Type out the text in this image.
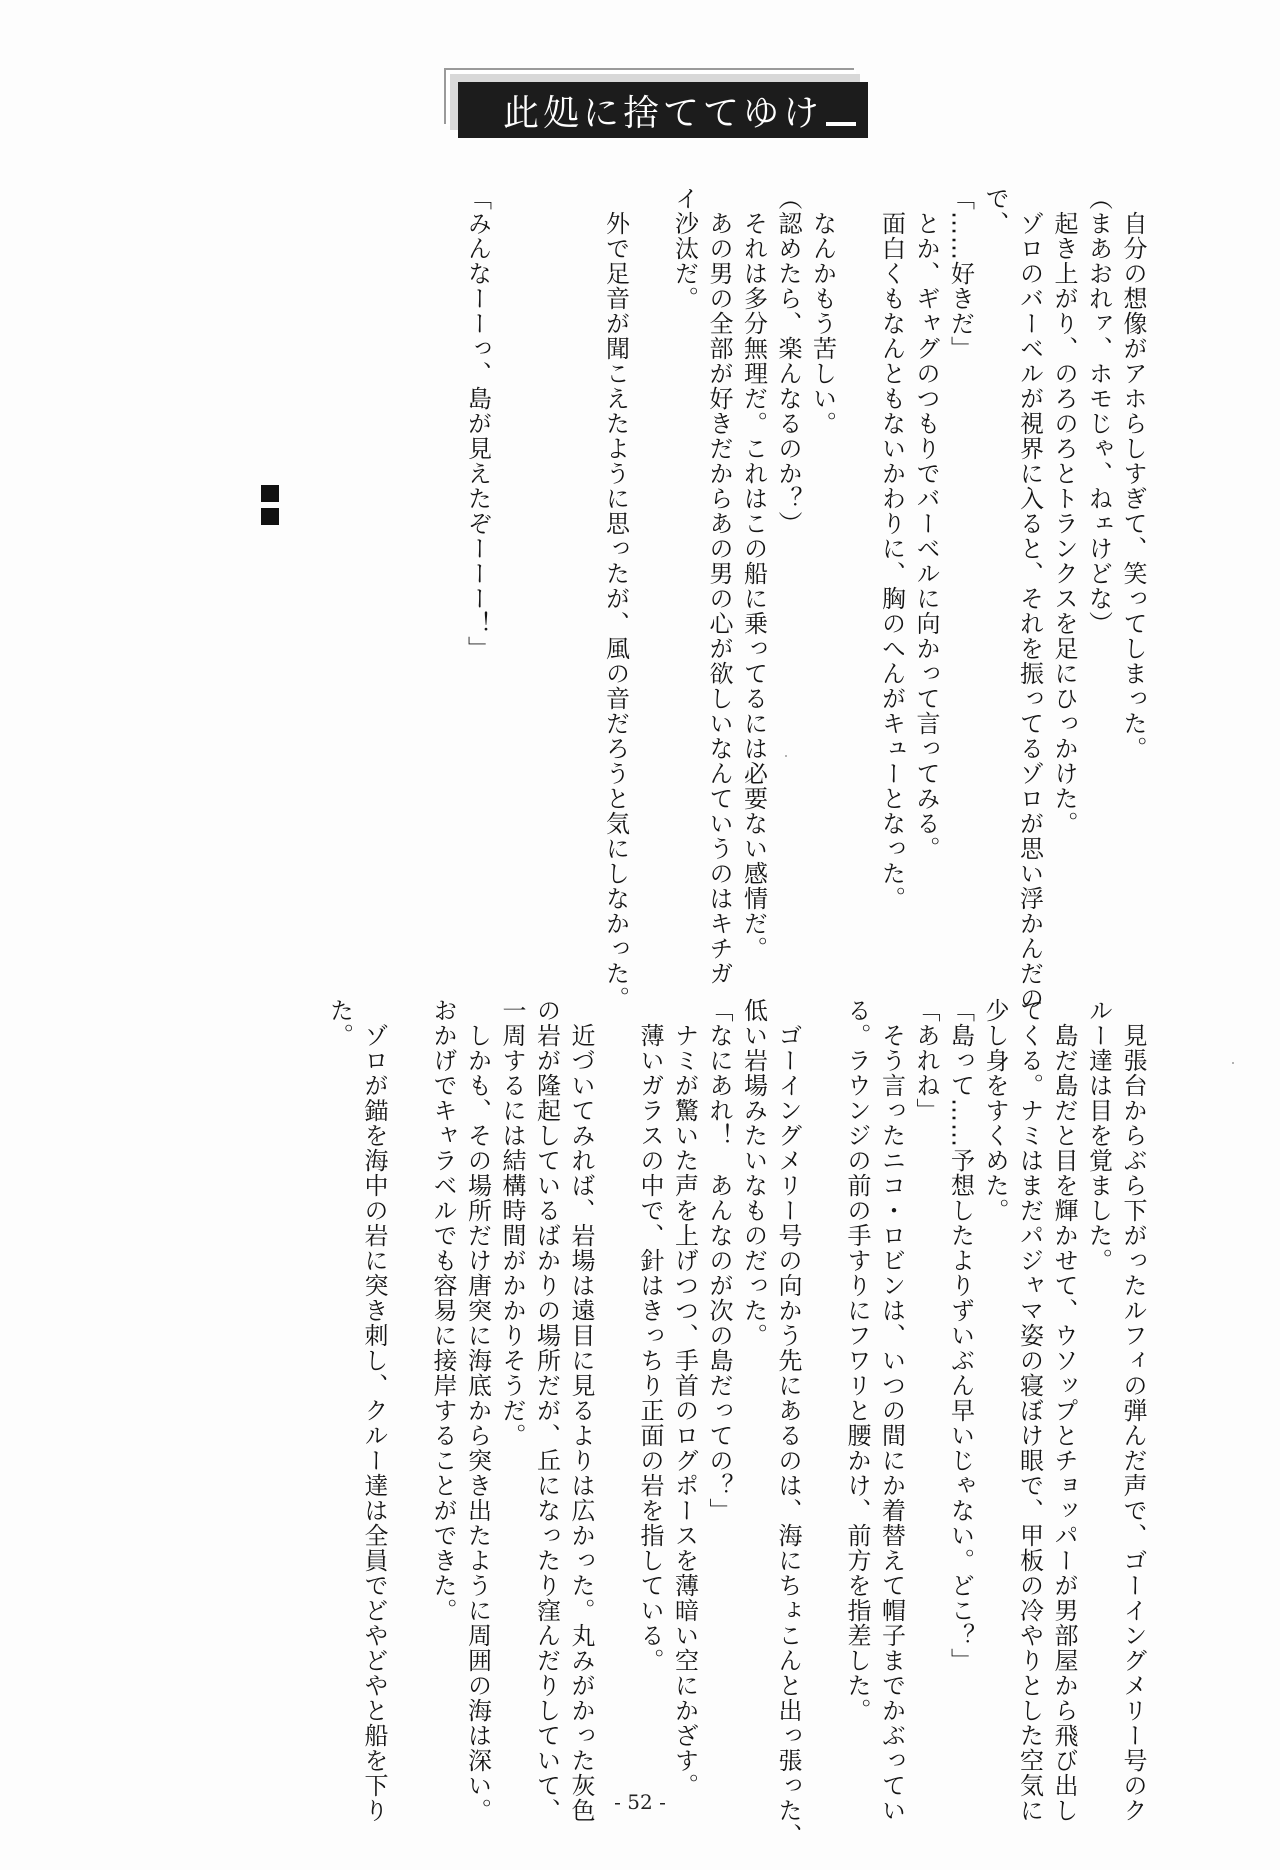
此処に捨ててゆけ
　自分の想像がアホらしすぎて、笑ってしまった。
（まあおれァ、ホモじゃ、ねェけどな）
　起き上がり、のろのろとトランクスを足にひっかけた。
　ゾロのバーベルが視界に入ると、それを振ってるゾロが思い浮かんだの
で、
「……好きだ」
　とか、ギャグのつもりでバーベルに向かって言ってみる。
　面白くもなんともないかわりに、胸のへんがキューとなった。

　なんかもう苦しい。
（認めたら、楽んなるのか？）
　それは多分無理だ。これはこの船に乗ってるには必要ない感情だ。
　あの男の全部が好きだからあの男の心が欲しいなんていうのはキチガ
イ沙汰だ。

　外で足音が聞こえたように思ったが、風の音だろうと気にしなかった。

「みんなーーっ、島が見えたぞーーー！」
　見張台からぶら下がったルフィの弾んだ声で、ゴーイングメリー号のク
ルー達は目を覚ました。
　島だ島だと目を輝かせて、ウソップとチョッパーが男部屋から飛び出し
てくる。ナミはまだパジャマ姿の寝ぼけ眼で、甲板の冷やりとした空気に
少し身をすくめた。
「島って……予想したよりずいぶん早いじゃない。どこ？」
「あれね」
　そう言ったニコ・ロビンは、いつの間にか着替えて帽子までかぶってい
る。ラウンジの前の手すりにフワリと腰かけ、前方を指差した。

　ゴーイングメリー号の向かう先にあるのは、海にちょこんと出っ張った、
低い岩場みたいなものだった。
「なにあれ！　あんなのが次の島だっての？」
　ナミが驚いた声を上げつつ、手首のログポースを薄暗い空にかざす。
　薄いガラスの中で、針はきっちり正面の岩を指している。

　近づいてみれば、岩場は遠目に見るよりは広かった。丸みがかった灰色
の岩が隆起しているばかりの場所だが、丘になったり窪んだりしていて、
一周するには結構時間がかかりそうだ。
　しかも、その場所だけ唐突に海底から突き出たように周囲の海は深い。
おかげでキャラベルでも容易に接岸することができた。

　ゾロが錨を海中の岩に突き刺し、クルー達は全員でどやどやと船を下り
た。
- 52 -
